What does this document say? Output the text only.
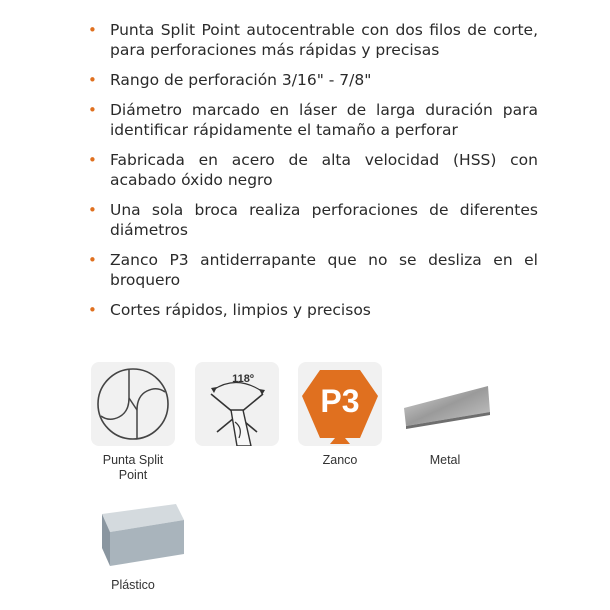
• Punta Split Point autocentrable con dos filos de corte, para perforaciones más rápidas y precisas
• Rango de perforación 3/16" - 7/8"
• Diámetro marcado en láser de larga duración para identificar rápidamente el tamaño a perforar
• Fabricada en acero de alta velocidad (HSS) con acabado óxido negro
• Una sola broca realiza perforaciones de diferentes diámetros
• Zanco P3 antiderrapante que no se desliza en el broquero
• Cortes rápidos, limpios y precisos
Punta Split Point
118º
P3
Zanco	Metal
Plástico
